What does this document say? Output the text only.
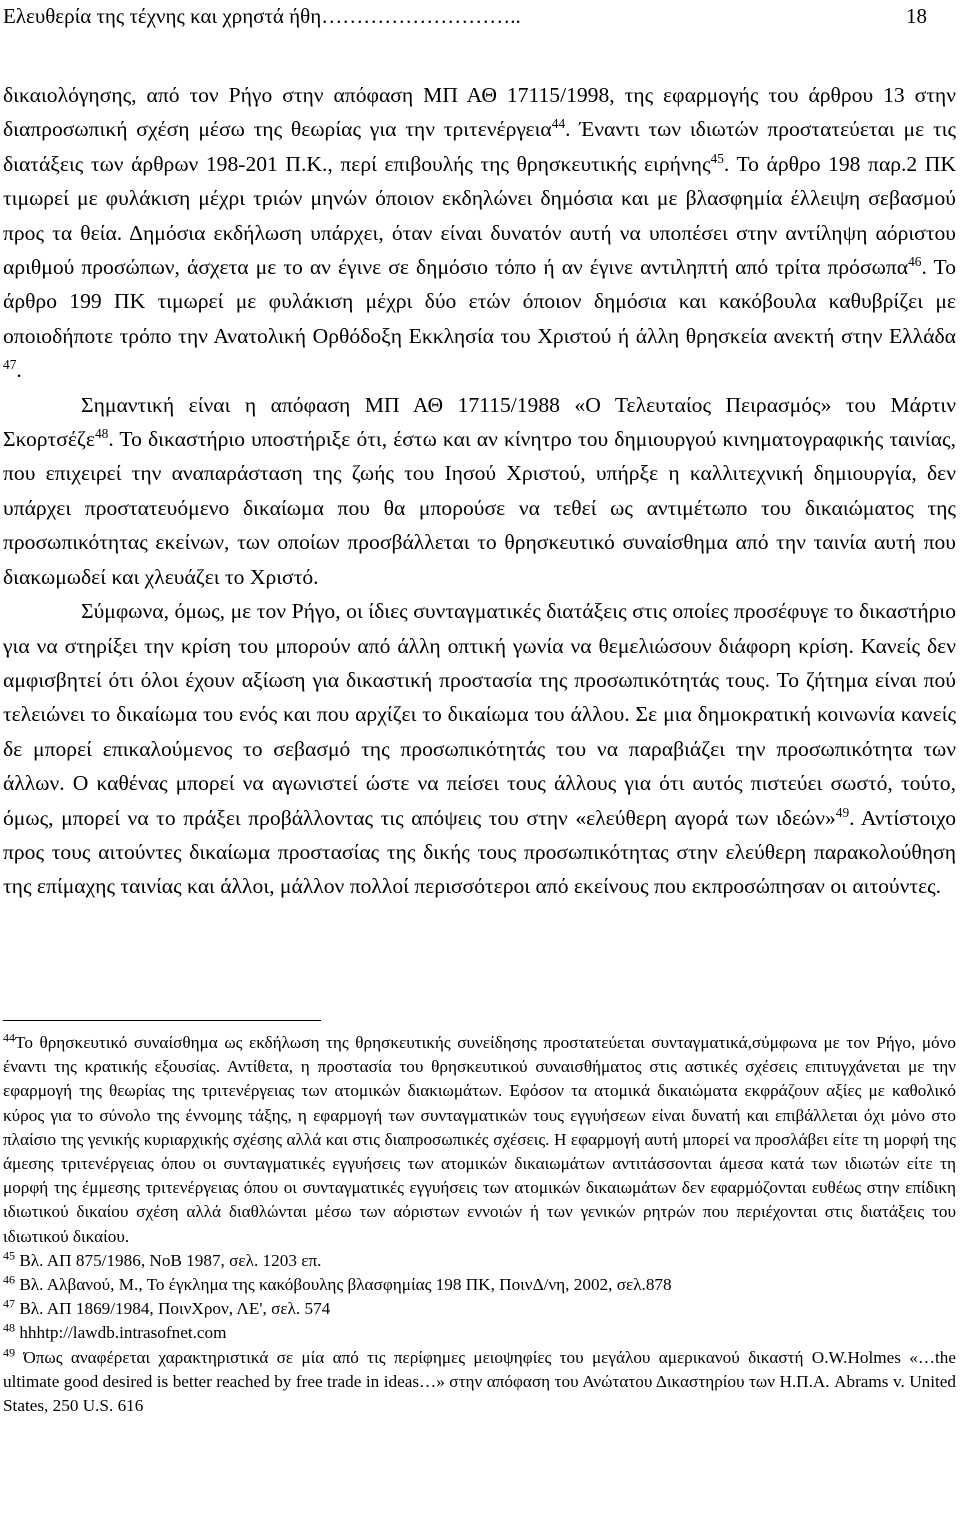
Ελευθερία της τέχνης και χρηστά ήθη………………………..	18

δικαιολόγησης, από τον Ρήγο στην απόφαση ΜΠ ΑΘ 17115/1998, της εφαρμογής του άρθρου 13 στην διαπροσωπική σχέση μέσω της θεωρίας για την τριτενέργεια$^{44}$. Έναντι των ιδιωτών προστατεύεται με τις διατάξεις των άρθρων 198-201 Π.Κ., περί επιβουλής της θρησκευτικής ειρήνης$^{45}$. Το άρθρο 198 παρ.2 ΠΚ τιμωρεί με φυλάκιση μέχρι τριών μηνών όποιον εκδηλώνει δημόσια και με βλασφημία έλλειψη σεβασμού προς τα θεία. Δημόσια εκδήλωση υπάρχει, όταν είναι δυνατόν αυτή να υποπέσει στην αντίληψη αόριστου αριθμού προσώπων, άσχετα με το αν έγινε σε δημόσιο τόπο ή αν έγινε αντιληπτή από τρίτα πρόσωπα$^{46}$. Το άρθρο 199 ΠΚ τιμωρεί με φυλάκιση μέχρι δύο ετών όποιον δημόσια και κακόβουλα καθυβρίζει με οποιοδήποτε τρόπο την Ανατολική Ορθόδοξη Εκκλησία του Χριστού ή άλλη θρησκεία ανεκτή στην Ελλάδα $^{47}$.

Σημαντική είναι η απόφαση ΜΠ ΑΘ 17115/1988 «Ο Τελευταίος Πειρασμός» του Μάρτιν Σκορτσέζε$^{48}$. Το δικαστήριο υποστήριξε ότι, έστω και αν κίνητρο του δημιουργού κινηματογραφικής ταινίας, που επιχειρεί την αναπαράσταση της ζωής του Ιησού Χριστού, υπήρξε η καλλιτεχνική δημιουργία, δεν υπάρχει προστατευόμενο δικαίωμα που θα μπορούσε να τεθεί ως αντιμέτωπο του δικαιώματος της προσωπικότητας εκείνων, των οποίων προσβάλλεται το θρησκευτικό συναίσθημα από την ταινία αυτή που διακωμωδεί και χλευάζει το Χριστό.

Σύμφωνα, όμως, με τον Ρήγο, οι ίδιες συνταγματικές διατάξεις στις οποίες προσέφυγε το δικαστήριο για να στηρίξει την κρίση του μπορούν από άλλη οπτική γωνία να θεμελιώσουν διάφορη κρίση. Κανείς δεν αμφισβητεί ότι όλοι έχουν αξίωση για δικαστική προστασία της προσωπικότητάς τους. Το ζήτημα είναι πού τελειώνει το δικαίωμα του ενός και που αρχίζει το δικαίωμα του άλλου. Σε μια δημοκρατική κοινωνία κανείς δε μπορεί επικαλούμενος το σεβασμό της προσωπικότητάς του να παραβιάζει την προσωπικότητα των άλλων. Ο καθένας μπορεί να αγωνιστεί ώστε να πείσει τους άλλους για ότι αυτός πιστεύει σωστό, τούτο, όμως, μπορεί να το πράξει προβάλλοντας τις απόψεις του στην «ελεύθερη αγορά των ιδεών»$^{49}$. Αντίστοιχο προς τους αιτούντες δικαίωμα προστασίας της δικής τους προσωπικότητας στην ελεύθερη παρακολούθηση της επίμαχης ταινίας και άλλοι, μάλλον πολλοί περισσότεροι από εκείνους που εκπροσώπησαν οι αιτούντες.

$^{44}$Το θρησκευτικό συναίσθημα ως εκδήλωση της θρησκευτικής συνείδησης προστατεύεται συνταγματικά,σύμφωνα με τον Ρήγο, μόνο έναντι της κρατικής εξουσίας. Αντίθετα, η προστασία του θρησκευτικού συναισθήματος στις αστικές σχέσεις επιτυγχάνεται με την εφαρμογή της θεωρίας της τριτενέργειας των ατομικών διακιωμάτων. Εφόσον τα ατομικά δικαιώματα εκφράζουν αξίες με καθολικό κύρος για το σύνολο της έννομης τάξης, η εφαρμογή των συνταγματικών τους εγγυήσεων είναι δυνατή και επιβάλλεται όχι μόνο στο πλαίσιο της γενικής κυριαρχικής σχέσης αλλά και στις διαπροσωπικές σχέσεις. Η εφαρμογή αυτή μπορεί να προσλάβει είτε τη μορφή της άμεσης τριτενέργειας όπου οι συνταγματικές εγγυήσεις των ατομικών δικαιωμάτων αντιτάσσονται άμεσα κατά των ιδιωτών είτε τη μορφή της έμμεσης τριτενέργειας όπου οι συνταγματικές εγγυήσεις των ατομικών δικαιωμάτων δεν εφαρμόζονται ευθέως στην επίδικη ιδιωτικού δικαίου σχέση αλλά διαθλώνται μέσω των αόριστων εννοιών ή των γενικών ρητρών που περιέχονται στις διατάξεις του ιδιωτικού δικαίου.

$^{45}$ Βλ. ΑΠ 875/1986, ΝοΒ 1987, σελ. 1203 επ.

$^{46}$ Βλ. Αλβανού, Μ., Το έγκλημα της κακόβουλης βλασφημίας 198 ΠΚ, ΠοινΔ/νη, 2002, σελ.878

$^{47}$ Βλ. ΑΠ 1869/1984, ΠοινΧρον, ΛΕ', σελ. 574

$^{48}$ hhhtp://lawdb.intrasofnet.com

$^{49}$ Όπως αναφέρεται χαρακτηριστικά σε μία από τις περίφημες μειοψηφίες του μεγάλου αμερικανού δικαστή O.W.Holmes «…the ultimate good desired is better reached by free trade in ideas…» στην απόφαση του Ανώτατου Δικαστηρίου των Η.Π.Α. Abrams v. United States, 250 U.S. 616
